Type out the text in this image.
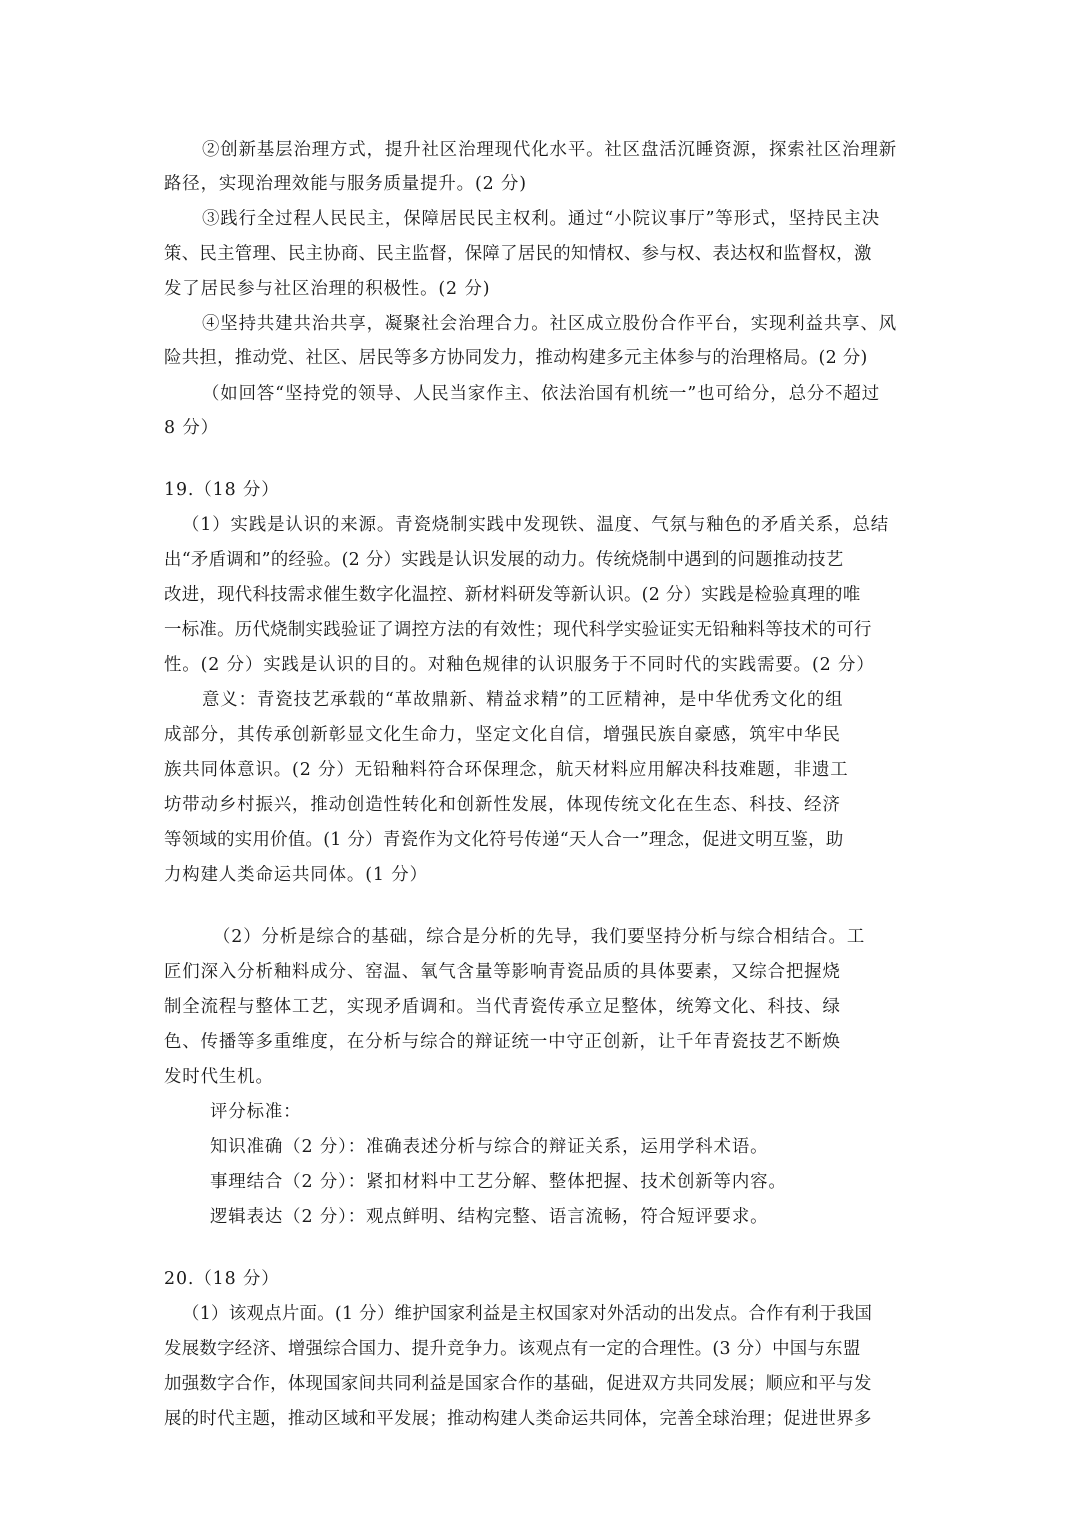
②创新基层治理方式，提升社区治理现代化水平。社区盘活沉睡资源，探索社区治理新
路径，实现治理效能与服务质量提升。(2 分)
③践行全过程人民民主，保障居民民主权利。通过“小院议事厅”等形式，坚持民主决
策、民主管理、民主协商、民主监督，保障了居民的知情权、参与权、表达权和监督权，激
发了居民参与社区治理的积极性。(2 分)
④坚持共建共治共享，凝聚社会治理合力。社区成立股份合作平台，实现利益共享、风
险共担，推动党、社区、居民等多方协同发力，推动构建多元主体参与的治理格局。(2 分)
（如回答“坚持党的领导、人民当家作主、依法治国有机统一”也可给分，总分不超过
8 分）
19.（18 分）
（1）实践是认识的来源。青瓷烧制实践中发现铁、温度、气氛与釉色的矛盾关系，总结
出“矛盾调和”的经验。(2 分）实践是认识发展的动力。传统烧制中遇到的问题推动技艺
改进，现代科技需求催生数字化温控、新材料研发等新认识。(2 分）实践是检验真理的唯
一标准。历代烧制实践验证了调控方法的有效性；现代科学实验证实无铅釉料等技术的可行
性。(2 分）实践是认识的目的。对釉色规律的认识服务于不同时代的实践需要。(2 分）
意义：青瓷技艺承载的“革故鼎新、精益求精”的工匠精神，是中华优秀文化的组
成部分，其传承创新彰显文化生命力，坚定文化自信，增强民族自豪感，筑牢中华民
族共同体意识。(2 分）无铅釉料符合环保理念，航天材料应用解决科技难题，非遗工
坊带动乡村振兴，推动创造性转化和创新性发展，体现传统文化在生态、科技、经济
等领域的实用价值。(1 分）青瓷作为文化符号传递“天人合一”理念，促进文明互鉴，助
力构建人类命运共同体。(1 分）
（2）分析是综合的基础，综合是分析的先导，我们要坚持分析与综合相结合。工
匠们深入分析釉料成分、窑温、氧气含量等影响青瓷品质的具体要素，又综合把握烧
制全流程与整体工艺，实现矛盾调和。当代青瓷传承立足整体，统筹文化、科技、绿
色、传播等多重维度，在分析与综合的辩证统一中守正创新，让千年青瓷技艺不断焕
发时代生机。
评分标准：
知识准确（2 分）：准确表述分析与综合的辩证关系，运用学科术语。
事理结合（2 分）：紧扣材料中工艺分解、整体把握、技术创新等内容。
逻辑表达（2 分）：观点鲜明、结构完整、语言流畅，符合短评要求。
20.（18 分）
（1）该观点片面。(1 分）维护国家利益是主权国家对外活动的出发点。合作有利于我国
发展数字经济、增强综合国力、提升竞争力。该观点有一定的合理性。(3 分）中国与东盟
加强数字合作，体现国家间共同利益是国家合作的基础，促进双方共同发展；顺应和平与发
展的时代主题，推动区域和平发展；推动构建人类命运共同体，完善全球治理；促进世界多
